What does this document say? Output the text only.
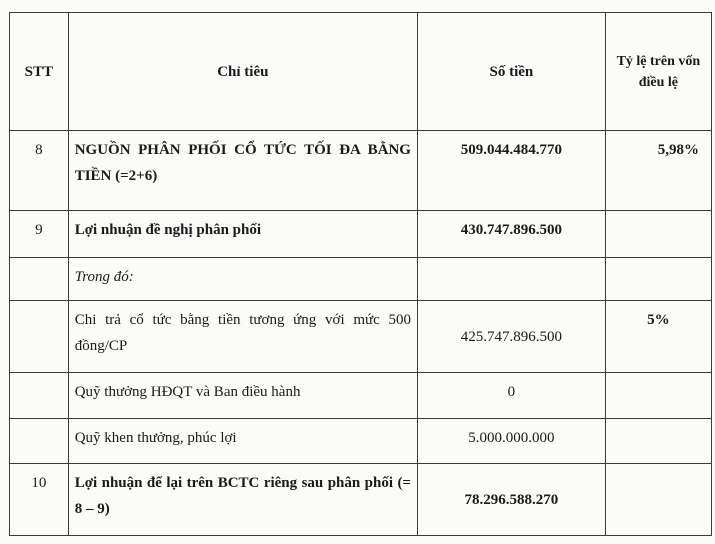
STT	Chỉ tiêu	Số tiền	Tỷ lệ trên vốn điều lệ
8	NGUỒN PHÂN PHỐI CỔ TỨC TỐI ĐA BẰNG TIỀN (=2+6)	509.044.484.770	5,98%
9	Lợi nhuận đề nghị phân phối	430.747.896.500	
	Trong đó:		
	Chi trả cổ tức bằng tiền tương ứng với mức 500 đồng/CP	425.747.896.500	5%
	Quỹ thưởng HĐQT và Ban điều hành	0	
	Quỹ khen thưởng, phúc lợi	5.000.000.000	
10	Lợi nhuận để lại trên BCTC riêng sau phân phối (= 8 – 9)	78.296.588.270	
